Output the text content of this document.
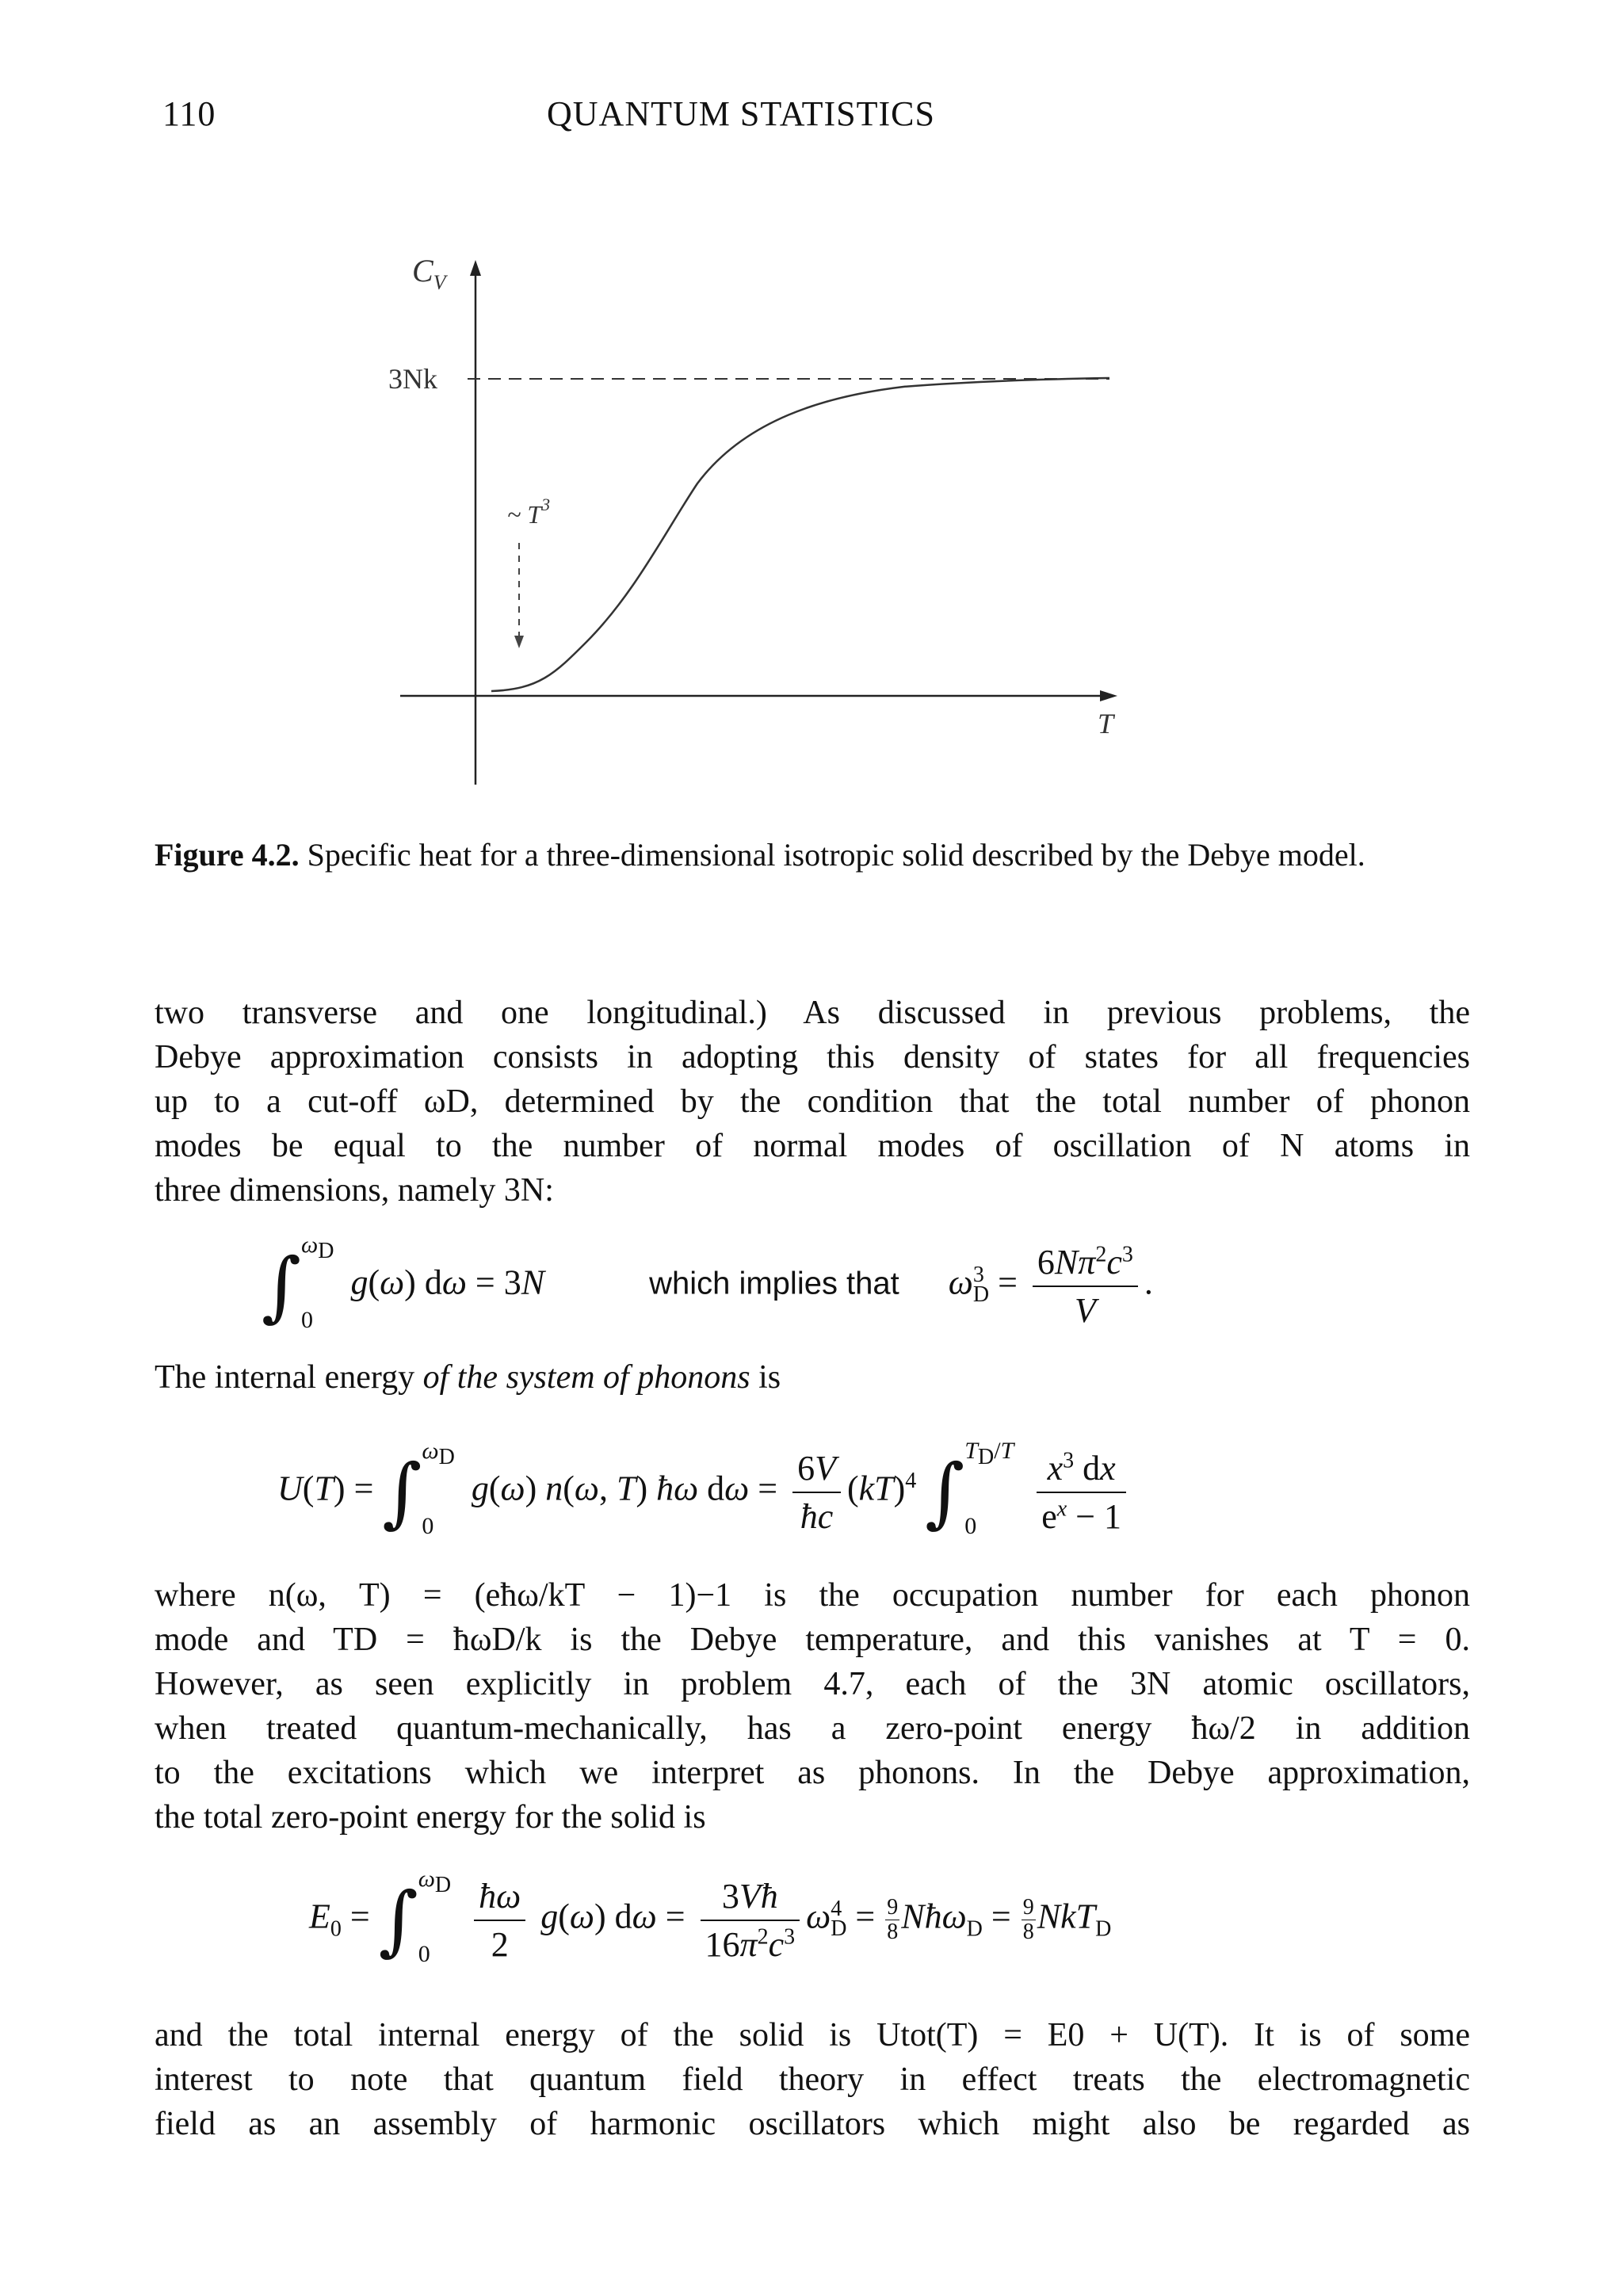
110	QUANTUM STATISTICS
$C_V$
3Nk
~ $T^3$
T
Figure 4.2. Specific heat for a three-dimensional isotropic solid described by the Debye model.
two transverse and one longitudinal.) As discussed in previous problems, the
Debye approximation consists in adopting this density of states for all frequencies
up to a cut-off ωD, determined by the condition that the total number of phonon
modes be equal to the number of normal modes of oscillation of N atoms in
three dimensions, namely 3N:
∫ $\omega_D$
0
g(ω) dω = 3N	which implies that $\omega^3_D = \frac{6N\pi^2c^3}{V}$ .
The internal energy of the system of phonons is
U(T) = ∫ $\omega_D$
0
g(ω) n(ω, T) ħω $d\omega = \frac{6V}{ħc} (kT)^4$ ∫ $T_D/T$
0
	$\frac{x^3 dx}{e^x - 1}$
where n(ω, T) = (eħω/kT − 1)−1 is the occupation number for each phonon
mode and TD = ħωD/k is the Debye temperature, and this vanishes at T = 0.
However, as seen explicitly in problem 4.7, each of the 3N atomic oscillators,
when treated quantum-mechanically, has a zero-point energy ħω/2 in addition
to the excitations which we interpret as phonons. In the Debye approximation,
the total zero-point energy for the solid is
$E_0$ = ∫ $\omega_D$
0
	$\frac{ħ\omega}{2} g(\omega) d\omega = \frac{3Vħ}{16\pi^2c^3} \omega^4_D = \frac{9}{8}$ Nħω$_D$ = $\frac{9}{8} NkT_D$
and the total internal energy of the solid is Utot(T) = E0 + U(T). It is of some
interest to note that quantum field theory in effect treats the electromagnetic
field as an assembly of harmonic oscillators which might also be regarded as
